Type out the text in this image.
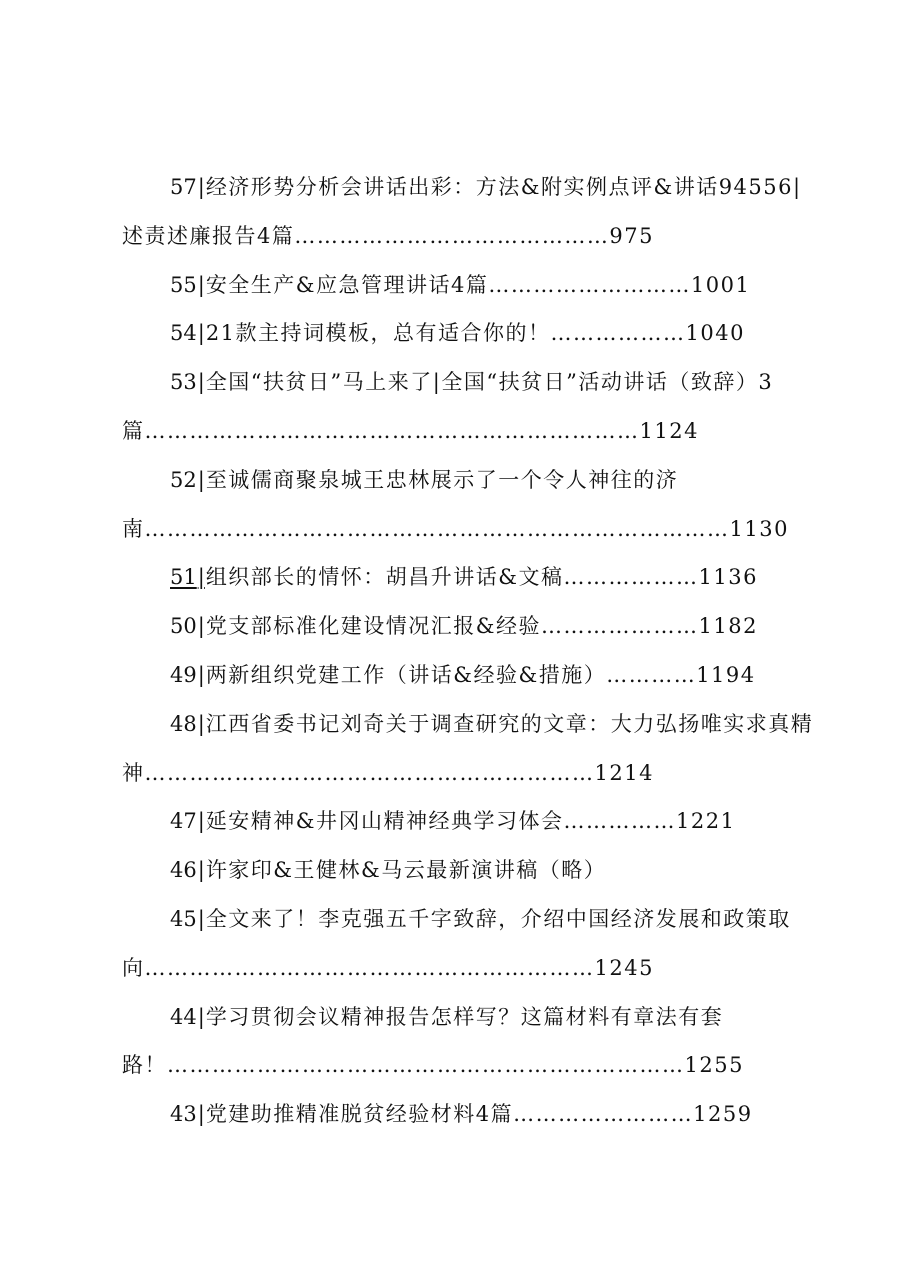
57|经济形势分析会讲话出彩：方法&附实例点评&讲话94556|述责述廉报告4篇……………………………………975

55|安全生产&应急管理讲话4篇………………………1001

54|21款主持词模板，总有适合你的！………………1040

53|全国“扶贫日”马上来了|全国“扶贫日”活动讲话（致辞）3篇…………………………………………………………1124

52|至诚儒商聚泉城王忠林展示了一个令人神往的济南……………………………………………………………………1130

51|组织部长的情怀：胡昌升讲话&文稿………………1136

50|党支部标准化建设情况汇报&经验…………………1182

49|两新组织党建工作（讲话&经验&措施）…………1194

48|江西省委书记刘奇关于调查研究的文章：大力弘扬唯实求真精神……………………………………………………1214

47|延安精神&井冈山精神经典学习体会……………1221

46|许家印&王健林&马云最新演讲稿（略）

45|全文来了！李克强五千字致辞，介绍中国经济发展和政策取向……………………………………………………1245

44|学习贯彻会议精神报告怎样写？这篇材料有章法有套路！……………………………………………………………1255

43|党建助推精准脱贫经验材料4篇……………………1259
